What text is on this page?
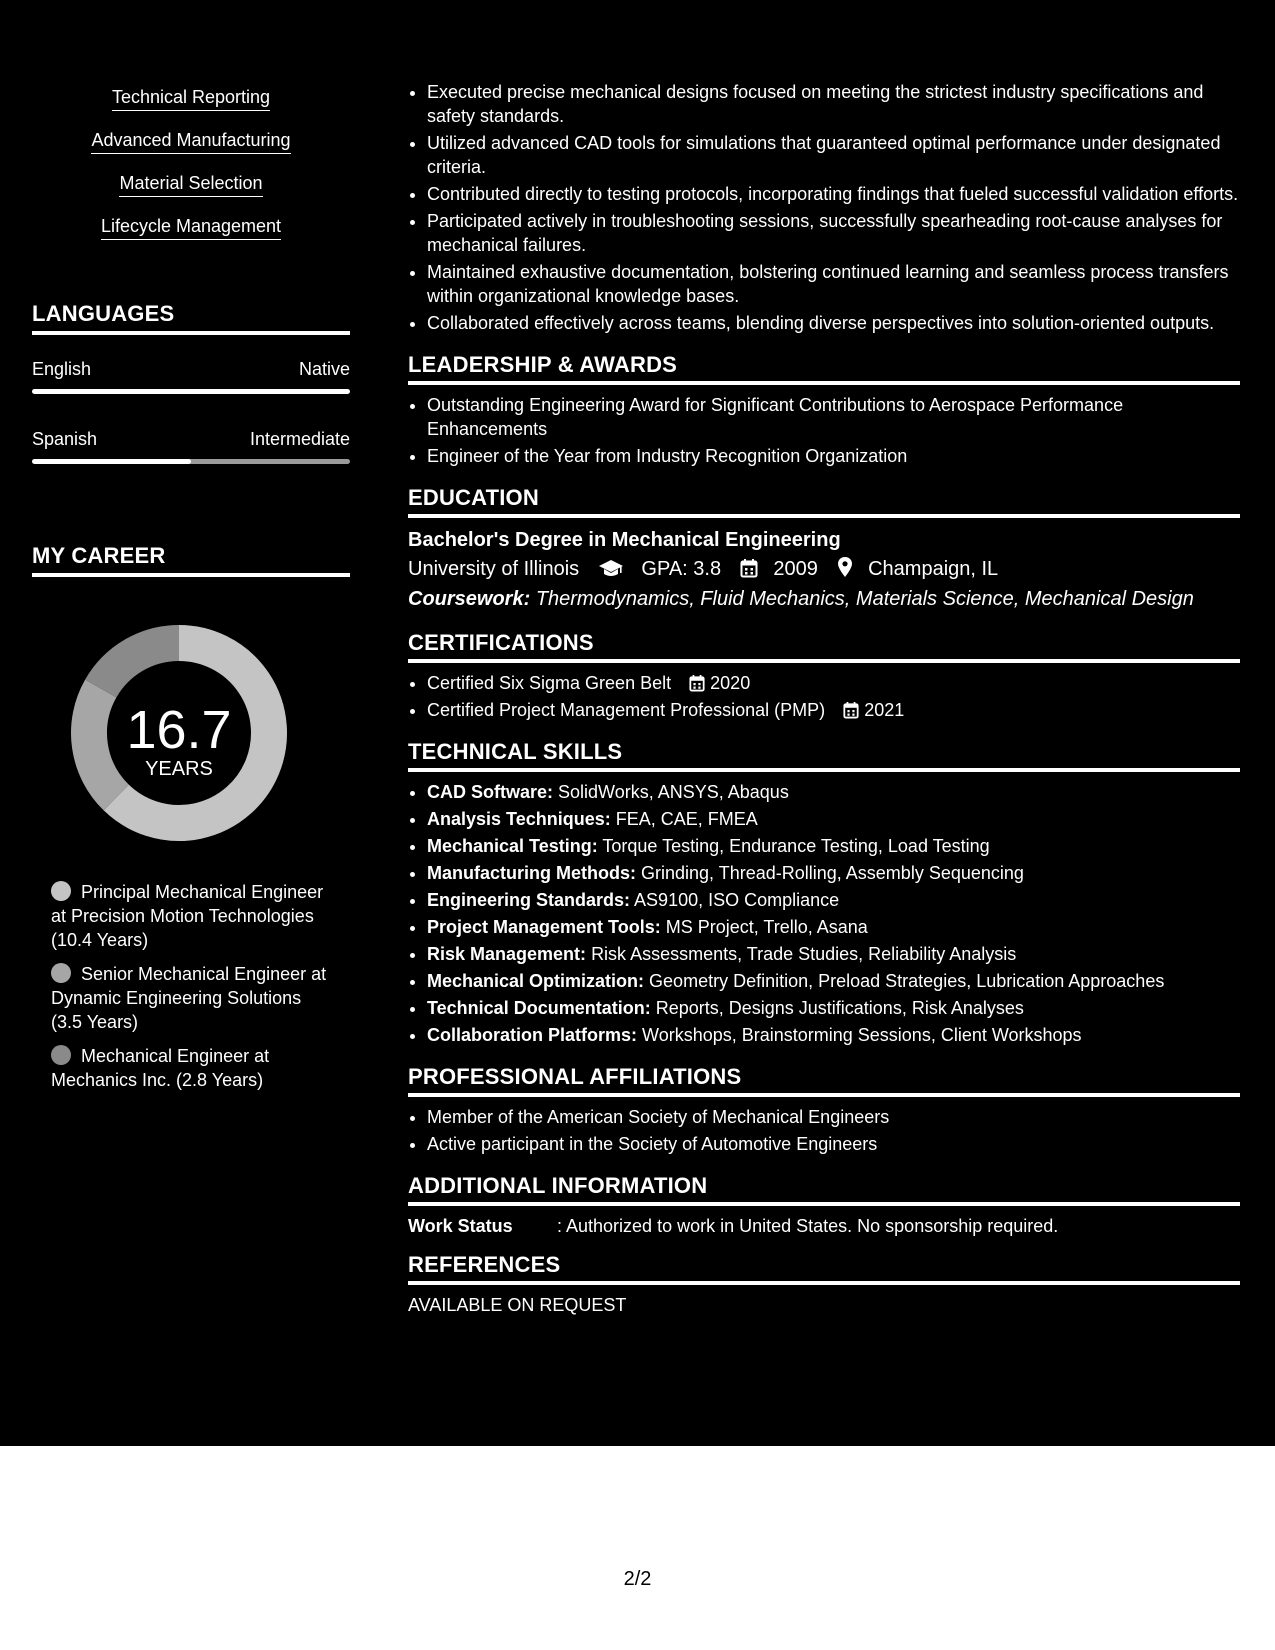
Technical Reporting
Advanced Manufacturing
Material Selection
Lifecycle Management
LANGUAGES
English	Native
Spanish	Intermediate
MY CAREER
16.7
YEARS
Principal Mechanical Engineer at Precision Motion Technologies (10.4 Years)
Senior Mechanical Engineer at Dynamic Engineering Solutions (3.5 Years)
Mechanical Engineer at Mechanics Inc. (2.8 Years)
• Executed precise mechanical designs focused on meeting the strictest industry specifications and safety standards.
• Utilized advanced CAD tools for simulations that guaranteed optimal performance under designated criteria.
• Contributed directly to testing protocols, incorporating findings that fueled successful validation efforts.
• Participated actively in troubleshooting sessions, successfully spearheading root-cause analyses for mechanical failures.
• Maintained exhaustive documentation, bolstering continued learning and seamless process transfers within organizational knowledge bases.
• Collaborated effectively across teams, blending diverse perspectives into solution-oriented outputs.
LEADERSHIP & AWARDS
• Outstanding Engineering Award for Significant Contributions to Aerospace Performance Enhancements
• Engineer of the Year from Industry Recognition Organization
EDUCATION
Bachelor's Degree in Mechanical Engineering
University of Illinois	GPA: 3.8	2009	Champaign, IL
Coursework: Thermodynamics, Fluid Mechanics, Materials Science, Mechanical Design
CERTIFICATIONS
• Certified Six Sigma Green Belt 2020
• Certified Project Management Professional (PMP) 2021
TECHNICAL SKILLS
• CAD Software: SolidWorks, ANSYS, Abaqus
• Analysis Techniques: FEA, CAE, FMEA
• Mechanical Testing: Torque Testing, Endurance Testing, Load Testing
• Manufacturing Methods: Grinding, Thread-Rolling, Assembly Sequencing
• Engineering Standards: AS9100, ISO Compliance
• Project Management Tools: MS Project, Trello, Asana
• Risk Management: Risk Assessments, Trade Studies, Reliability Analysis
• Mechanical Optimization: Geometry Definition, Preload Strategies, Lubrication Approaches
• Technical Documentation: Reports, Designs Justifications, Risk Analyses
• Collaboration Platforms: Workshops, Brainstorming Sessions, Client Workshops
PROFESSIONAL AFFILIATIONS
• Member of the American Society of Mechanical Engineers
• Active participant in the Society of Automotive Engineers
ADDITIONAL INFORMATION
Work Status : Authorized to work in United States. No sponsorship required.
REFERENCES
AVAILABLE ON REQUEST
2/2
